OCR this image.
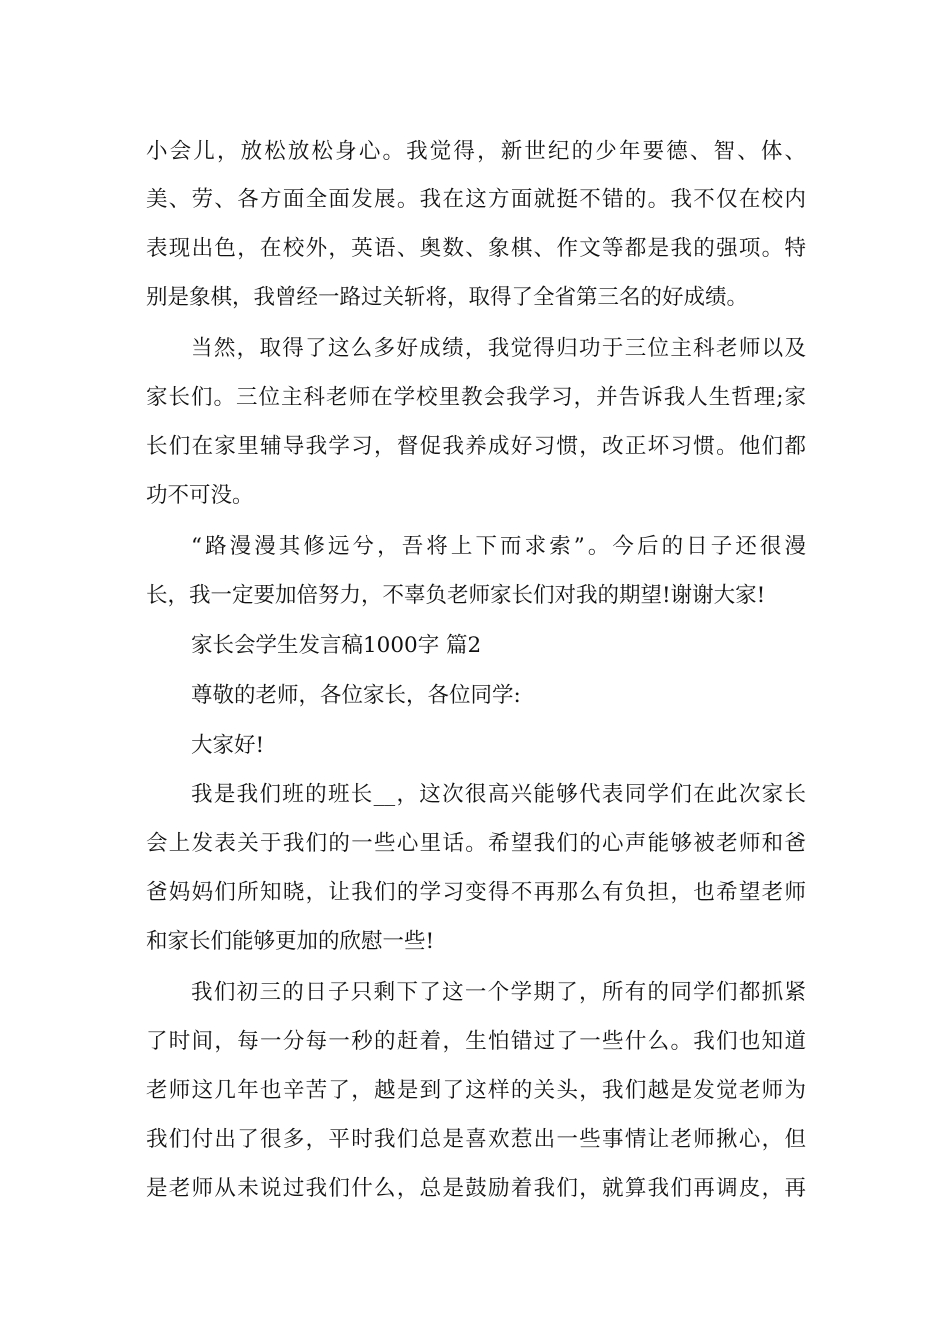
小会儿，放松放松身心。我觉得，新世纪的少年要德、智、体、
美、劳、各方面全面发展。我在这方面就挺不错的。我不仅在校内
表现出色，在校外，英语、奥数、象棋、作文等都是我的强项。特
别是象棋，我曾经一路过关斩将，取得了全省第三名的好成绩。
当然，取得了这么多好成绩，我觉得归功于三位主科老师以及
家长们。三位主科老师在学校里教会我学习，并告诉我人生哲理;家
长们在家里辅导我学习，督促我养成好习惯，改正坏习惯。他们都
功不可没。
“路漫漫其修远兮，吾将上下而求索”。今后的日子还很漫
长，我一定要加倍努力，不辜负老师家长们对我的期望!谢谢大家!
家长会学生发言稿1000字 篇2
尊敬的老师，各位家长，各位同学:
大家好!
我是我们班的班长__，这次很高兴能够代表同学们在此次家长
会上发表关于我们的一些心里话。希望我们的心声能够被老师和爸
爸妈妈们所知晓，让我们的学习变得不再那么有负担，也希望老师
和家长们能够更加的欣慰一些!
我们初三的日子只剩下了这一个学期了，所有的同学们都抓紧
了时间，每一分每一秒的赶着，生怕错过了一些什么。我们也知道
老师这几年也辛苦了，越是到了这样的关头，我们越是发觉老师为
我们付出了很多，平时我们总是喜欢惹出一些事情让老师揪心，但
是老师从未说过我们什么，总是鼓励着我们，就算我们再调皮，再
